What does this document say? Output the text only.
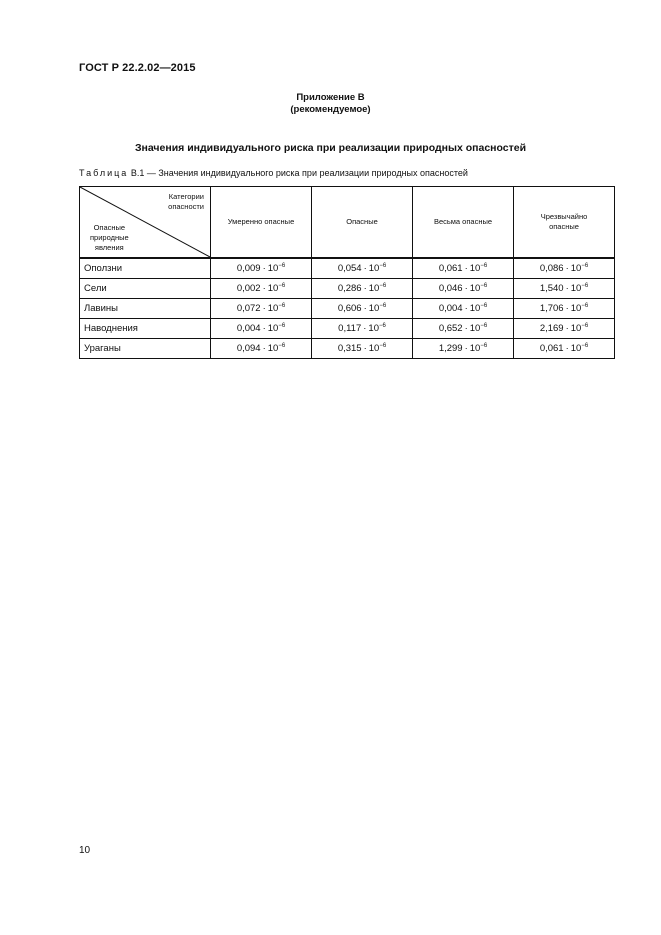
ГОСТ Р 22.2.02—2015
Приложение В
(рекомендуемое)
Значения индивидуального риска при реализации природных опасностей
Таблица В.1 — Значения индивидуального риска при реализации природных опасностей
Категории
опасности
Опасные
природные
явления	Умеренно опасные	Опасные	Весьма опасные	Чрезвычайно опасные
Оползни	$0,009 \cdot 10^{-6}$	$0,054 \cdot 10^{-6}$	$0,061 \cdot 10^{-6}$	$0,086 \cdot 10^{-6}$
Сели	$0,002 \cdot 10^{-6}$	$0,286 \cdot 10^{-6}$	$0,046 \cdot 10^{-6}$	$1,540 \cdot 10^{-6}$
Лавины	$0,072 \cdot 10^{-6}$	$0,606 \cdot 10^{-6}$	$0,004 \cdot 10^{-6}$	$1,706 \cdot 10^{-6}$
Наводнения	$0,004 \cdot 10^{-6}$	$0,117 \cdot 10^{-6}$	$0,652 \cdot 10^{-6}$	$2,169 \cdot 10^{-6}$
Ураганы	$0,094 \cdot 10^{-6}$	$0,315 \cdot 10^{-6}$	$1,299 \cdot 10^{-6}$	$0,061 \cdot 10^{-6}$
10
